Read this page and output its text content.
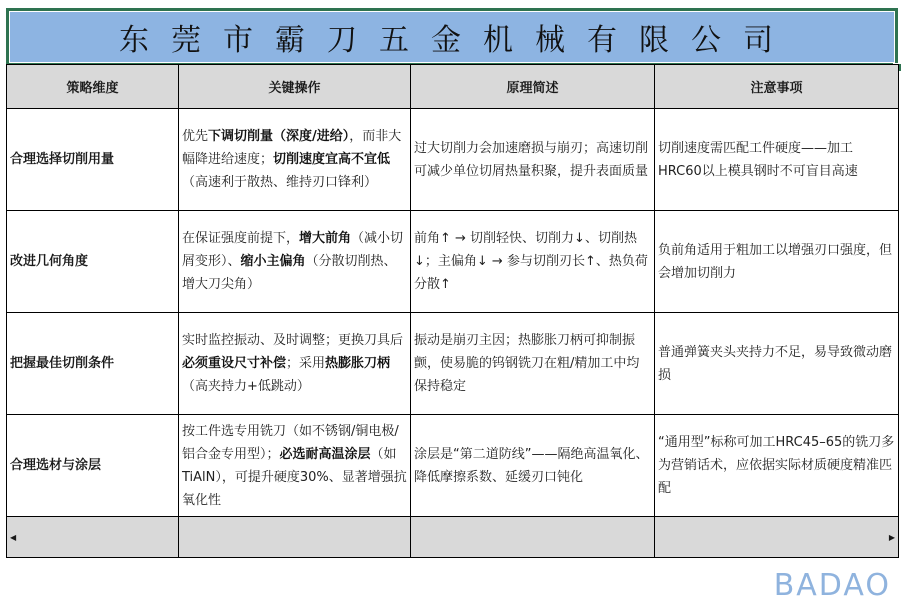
东莞市霸刀五金机械有限公司
策略维度	关键操作	原理简述	注意事项
合理选择切削用量	优先下调切削量（深度/进给），而非大幅降进给速度；切削速度宜高不宜低（高速利于散热、维持刃口锋利）	过大切削力会加速磨损与崩刃；高速切削可减少单位切屑热量积聚，提升表面质量	切削速度需匹配工件硬度——加工HRC60以上模具钢时不可盲目高速
改进几何角度	在保证强度前提下，增大前角（减小切屑变形）、缩小主偏角（分散切削热、增大刀尖角）	前角↑ → 切削轻快、切削力↓、切削热↓；主偏角↓ → 参与切削刃长↑、热负荷分散↑	负前角适用于粗加工以增强刃口强度，但会增加切削力
把握最佳切削条件	实时监控振动、及时调整；更换刀具后必须重设尺寸补偿；采用热膨胀刀柄（高夹持力+低跳动）	振动是崩刃主因；热膨胀刀柄可抑制振颤，使易脆的钨钢铣刀在粗/精加工中均保持稳定	普通弹簧夹头夹持力不足，易导致微动磨损
合理选材与涂层	按工件选专用铣刀（如不锈钢/铜电极/铝合金专用型）；必选耐高温涂层（如TiAlN），可提升硬度30%、显著增强抗氧化性	涂层是“第二道防线”——隔绝高温氧化、降低摩擦系数、延缓刃口钝化	“通用型”标称可加工HRC45–65的铣刀多为营销话术，应依据实际材质硬度精准匹配

◀			▶
BADAO
